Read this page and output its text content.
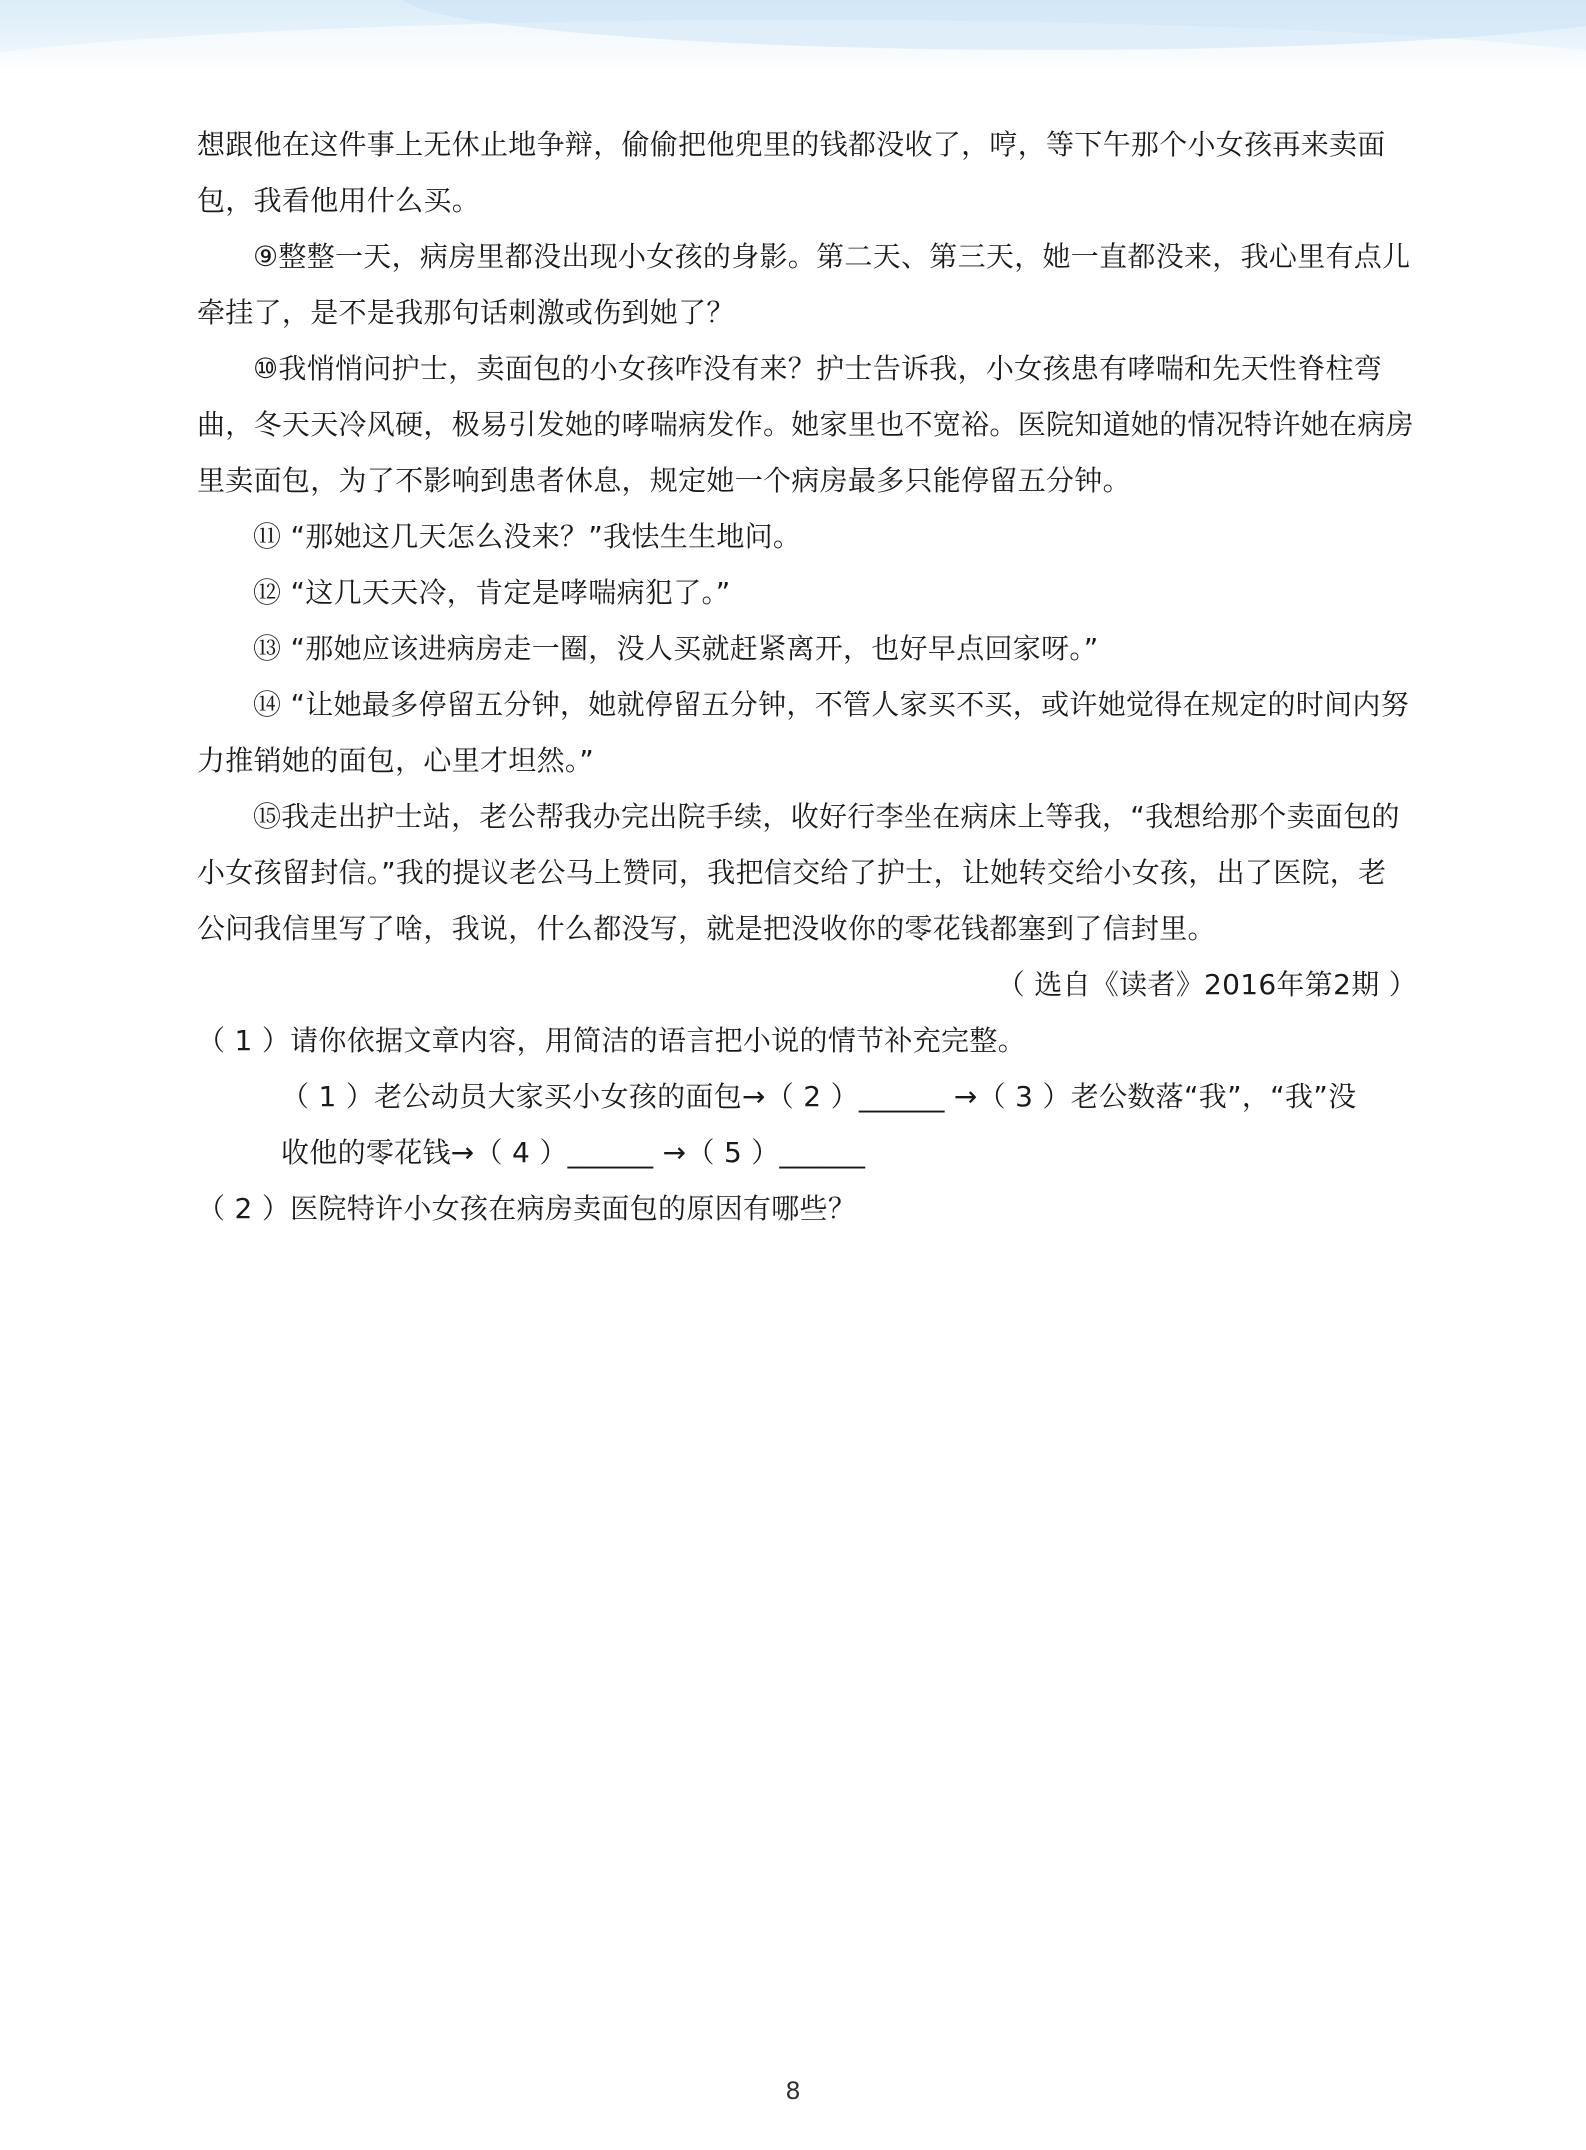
想跟他在这件事上无休止地争辩，偷偷把他兜里的钱都没收了，哼，等下午那个小女孩再来卖面
包，我看他用什么买。
⑨整整一天，病房里都没出现小女孩的身影。第二天、第三天，她一直都没来，我心里有点儿
牵挂了，是不是我那句话刺激或伤到她了？
⑩我悄悄问护士，卖面包的小女孩咋没有来？护士告诉我，小女孩患有哮喘和先天性脊柱弯
曲，冬天天冷风硬，极易引发她的哮喘病发作。她家里也不宽裕。医院知道她的情况特许她在病房
里卖面包，为了不影响到患者休息，规定她一个病房最多只能停留五分钟。
⑪ “那她这几天怎么没来？”我怯生生地问。
⑫ “这几天天冷，肯定是哮喘病犯了。”
⑬ “那她应该进病房走一圈，没人买就赶紧离开，也好早点回家呀。”
⑭ “让她最多停留五分钟，她就停留五分钟，不管人家买不买，或许她觉得在规定的时间内努
力推销她的面包，心里才坦然。”
⑮我走出护士站，老公帮我办完出院手续，收好行李坐在病床上等我，“我想给那个卖面包的
小女孩留封信。”我的提议老公马上赞同，我把信交给了护士，让她转交给小女孩，出了医院，老
公问我信里写了啥，我说，什么都没写，就是把没收你的零花钱都塞到了信封里。
（ 选自《读者》2016年第2期 ）
（ 1 ）请你依据文章内容，用简洁的语言把小说的情节补充完整。
（ 1 ）老公动员大家买小女孩的面包→（ 2 ）______ →（ 3 ）老公数落“我”，“我”没
收他的零花钱→（ 4 ）______ →（ 5 ）______
（ 2 ）医院特许小女孩在病房卖面包的原因有哪些？
8
